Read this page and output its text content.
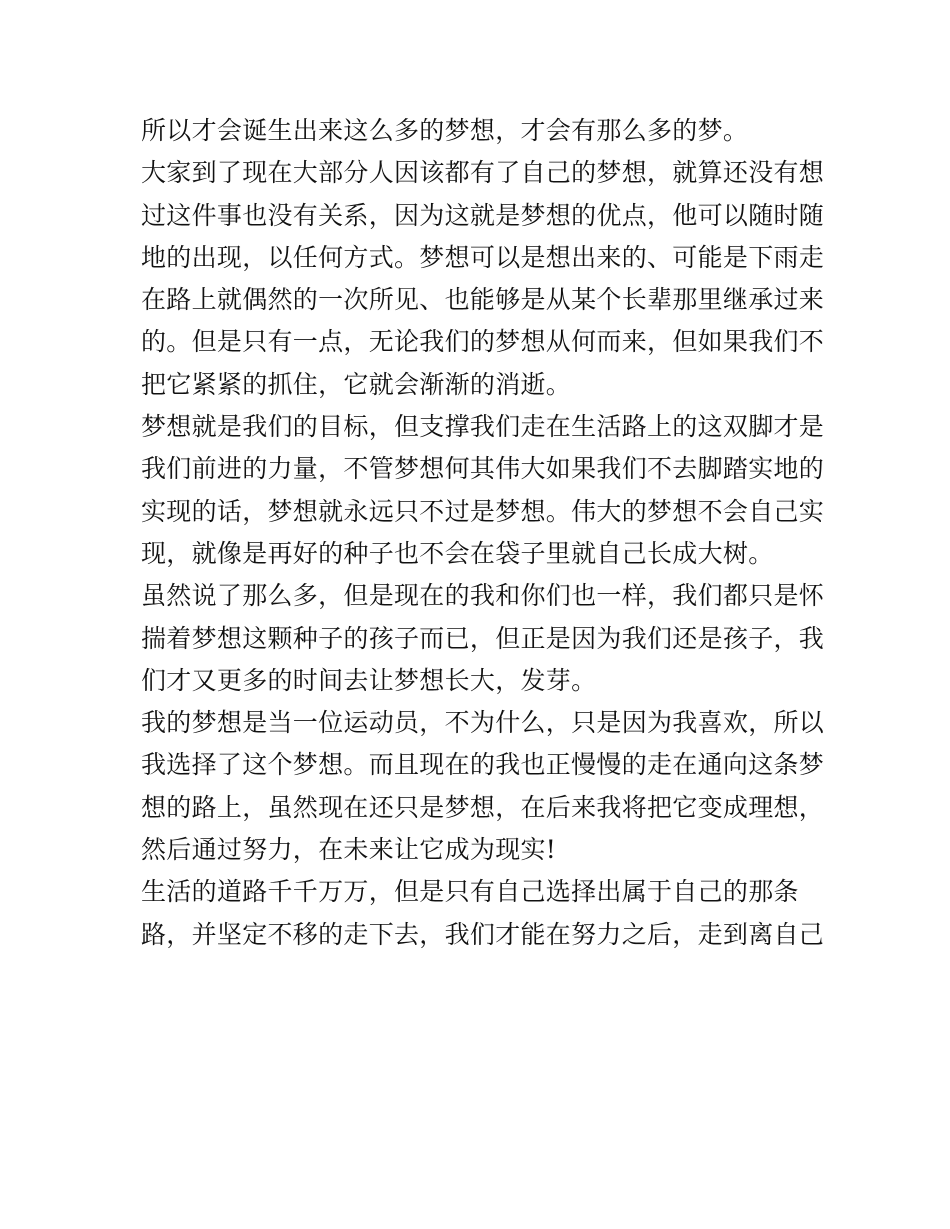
所以才会诞生出来这么多的梦想，才会有那么多的梦。
大家到了现在大部分人因该都有了自己的梦想，就算还没有想
过这件事也没有关系，因为这就是梦想的优点，他可以随时随
地的出现，以任何方式。梦想可以是想出来的、可能是下雨走
在路上就偶然的一次所见、也能够是从某个长辈那里继承过来
的。但是只有一点，无论我们的梦想从何而来，但如果我们不
把它紧紧的抓住，它就会渐渐的消逝。
梦想就是我们的目标，但支撑我们走在生活路上的这双脚才是
我们前进的力量，不管梦想何其伟大如果我们不去脚踏实地的
实现的话，梦想就永远只不过是梦想。伟大的梦想不会自己实
现，就像是再好的种子也不会在袋子里就自己长成大树。
虽然说了那么多，但是现在的我和你们也一样，我们都只是怀
揣着梦想这颗种子的孩子而已，但正是因为我们还是孩子，我
们才又更多的时间去让梦想长大，发芽。
我的梦想是当一位运动员，不为什么，只是因为我喜欢，所以
我选择了这个梦想。而且现在的我也正慢慢的走在通向这条梦
想的路上，虽然现在还只是梦想，在后来我将把它变成理想，
然后通过努力，在未来让它成为现实!
生活的道路千千万万，但是只有自己选择出属于自己的那条
路，并坚定不移的走下去，我们才能在努力之后，走到离自己
